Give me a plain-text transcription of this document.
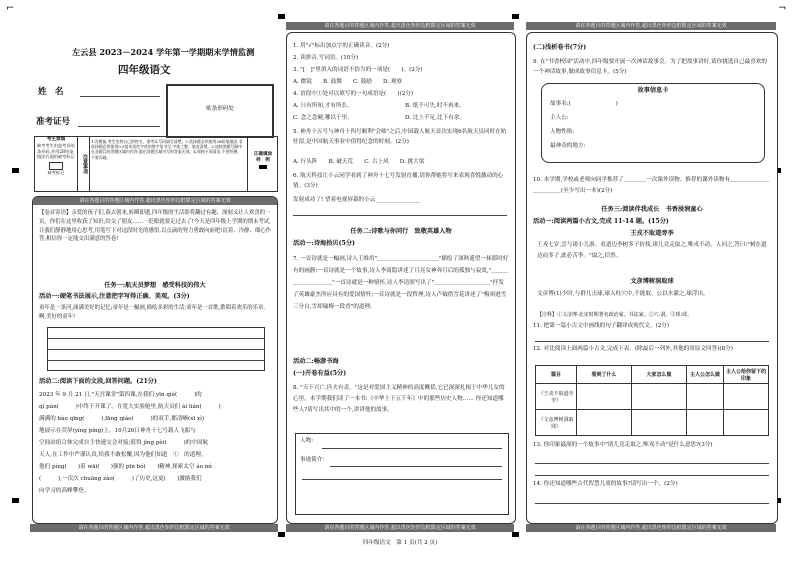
⌐	¬
请在各题目的答题区域内作答,超出黑色矩形边框限定区域的答案无效	请在各题目的答题区域内作答,超出黑色矩形边框限定区域的答案无效
请在各题目的答题区域内作答,超出黑色矩形边框限定区域的答案无效	请在各题目的答题区域内作答,超出黑色矩形边框限定区域的答案无效
请在各题目的答题区域内作答,超出黑色矩形边框限定区域的答案无效
左云县 2023－2024 学年第一学期期末学情监测
四年级语文
姓　名
准考证号
贴条形码处
考生禁填
缺考考生由监考员贴条形码,并用2B铅笔填涂右面的缺考标记
缺考标记	注意事项
1.答题前,考生先将自己的姓名、准考证号码填写清楚。2.选择题必须使用2B铅笔填涂;非选择题必须使用0.5毫米黑色字迹的签字笔书写,字体工整、笔迹清楚。3.请按照题号顺序在各题目的答题区域内作答,超出答题区域书写的答案无效。4.保持卡面清洁,不要折叠、不要弄破。
正确填涂
样　例
请在各题目的答题区域内作答,超出黑色矩形边框限定区域的答案无效
【卷首寄语】亲爱的孩子们,暮去朝来,转瞬即逝,四年级的生活即将翻过有趣、深刻又让人欢喜的一页。你们在这里收获了知识,结交了朋友……一眨眼就要走过去了!今天是四年级上学期的期末考试,让我们静静地用心思考,用笔写下对这段时光的感悟,以点滴的努力勇敢向前吧!沉着、冷静、细心作答,相信你一定能交出满意的答卷!
任务一:航天员梦想　感受科技的伟大
活动一:硬笔书法展示,注意把字写得正确、美观。(3分)
童年是一条河,涌满美好的记忆;童年是一幅画,描绘多彩的生活;童年是一首歌,歌唱着欢乐的乐章。啊,美好的童年!
活动二:阅读下面的文段,回答问题。(21分)
2023 年 9 月 21 日,"天宫课堂"第四课,在我们 yīn qié(　　　)的
qí pàn(　　　)中终于开课了。在宽大实验舱里,航天员们 ài lián(　　　)
满满的 bào qīng(　　　),fāng qiáo(　　　)的双手,都清晰(xī xì)
地展示在荧屏(yíng píng)上。10月26日神舟十七号载人飞船与
空间站组合体完成自主快速交会对接;值得 jìng pèi(　　　)的中国航
天人,在工作中严谨认真,给我不敢松懈,因为他们知道　①　的道理。
他们 píng(　　)着 wāi(　　)强的 pīn bó(　　)精神,探索太空 ào mì
(　　　),一次次 chuāng zào(　　　)了历史,这更(　　)激励我们
向学习的高峰攀登。
1. 用"√"标出加点字的正确读音。(2分)
2. 读拼音,写词语。(10分)
3. "[　]"里填入的词语不恰当的一项是(　　)。(2分)
A. 微镜　　B. 鼓舞　　C. 鼓励　　D. 观察
4. 语段中①处可以填写的一句成语是(　　)(2分)
A. 只有所知,才有所长。	B. 纸不可失,时不再来。
C. 念之念硬,哪以千里。	D. 比上不足,比下有余。
5. 神舟十五号与神舟十四号顺利"会师"之后,中国载人航天首次实现6名航天员同时在轨驻留,是中国航天事业中值得纪念的时刻。(2分)
A. 行头阵　　B. 破天荒　　C. 古上风　　D. 挑大梁
6. 航天科技让小云同学看到了神舟十七号发射直播,请你帮她将写来表现喜悦激动的心情。(3分)
发射成功了! 望着电视屏幕的小云________________
任务二:诗歌与你同行　致敬英雄人物
活动一:诗海拾贝(5分)
7. 一首诗就是一幅画,诗人王维用"＿＿＿＿＿＿＿＿＿＿＿"描绘了深秋遥望一抹耶时好有的画静;一首诗就是一个故事,诗人李商隐讲述了月亮女神奔月后的孤独与寂寞,"＿＿＿＿＿＿＿＿＿＿"一首诗就是一种情怀,诗人李清照写出了"＿＿＿＿＿＿＿＿＿＿"抒发了英雄豪杰所应具有的爱国情怀;一首诗就是一段哲理,诗人卢钺借雪花讲述了"梅须逊雪三分白,雪却输梅一段香"的道理。
活动二:畅游书海
(一)开卷有益(5分)
8. "天下兴亡,匹夫有责。"这是对爱国主义精神的高度概括,它已深深扎根于中华儿女的心里。本学期我们读了一本书:《中华上下五千年》中的那些历史人物…… 你还知道哪些人?请写出其中的一个,讲讲他的故事。
人物:
事迹简介:
(二)浅析卷书(7分)
9. 在"书香校园"活动中,四年级要开展一次神话故事会。为了把故事讲好,请你挑选自己最喜欢的一个神话故事,做成故事信息卡。(5分)
故事信息卡
故事名:(　　　　　　　　)
主人公:
人物性格:
最神奇的地方:
10. 本学期,学校或老师向同学推荐了＿＿＿＿一次课外读物。推荐的课外读物有＿＿＿＿＿＿＿＿＿＿＿＿(至少写出一本)(2分)
任务三:阅读伴我成长　书香浸润童心
活动一:阅读两篇小古文,完成 11-14 题。(15分)
王戎不取道旁李
王戎七岁,尝与诸小儿游。看道边李树多子折枝,诸儿竞走取之,唯戎不动。人问之,答曰:"树在道边而多子,此必苦李。"取之,信然。
文彦博树洞取球
文彦博(1)少时,与群儿击球,球入柱穴中,不能取。公以水灌之,球浮出。
【注释】①文彦博:北宋时期著名政治家、书法家。②穴:洞。③球:球。
11. 把第一篇小古文中画线的句子翻译成现代文。(2分)
12. 对比阅读上面两篇小古文,完成下表。(除最后一列外,其他的用原文回答)(8分)
篇目	看到了什么	大家怎么做	主人公怎么做	主人公给你留下的印象
《王戎不取道旁李》				
《文彦博树洞取球》				
13. 你印象最深的一个故事中"诸儿竞走取之,唯戎不动"是什么意思?(3分)
14. 你还知道哪些古代智慧儿童的故事?请写出一个。(2分)
四年级语文　第 1 页(共 2 页)
